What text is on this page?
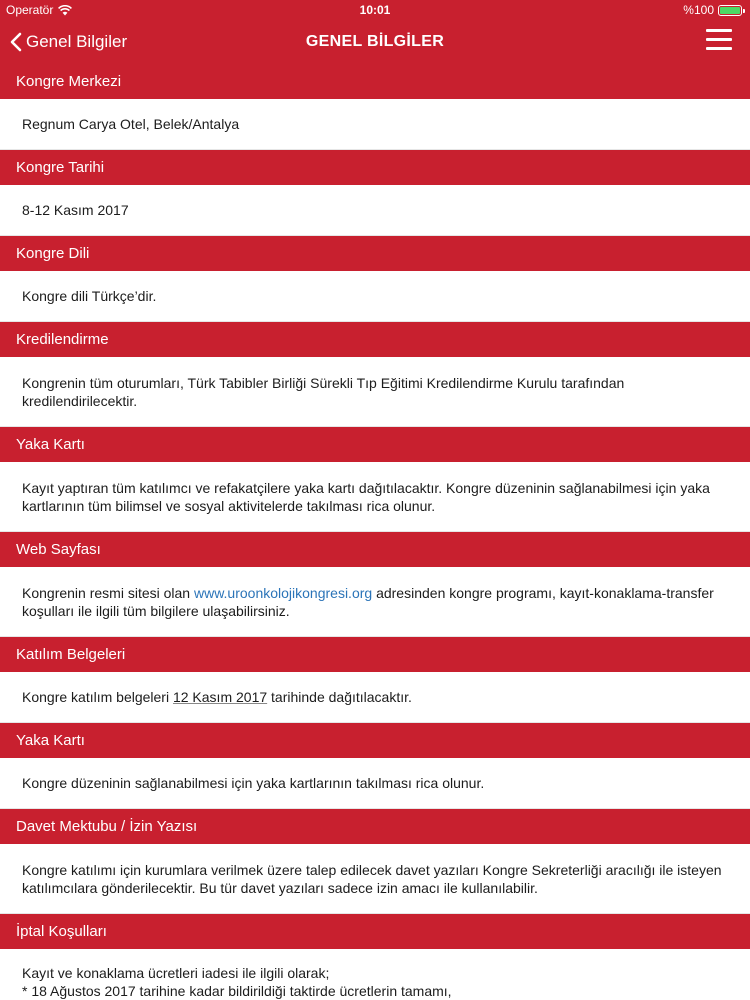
Operatör	10:01	%100
Genel Bilgiler	GENEL BİLGİLER
Kongre Merkezi

Regnum Carya Otel, Belek/Antalya

Kongre Tarihi

8-12 Kasım 2017

Kongre Dili

Kongre dili Türkçe’dir.

Kredilendirme

Kongrenin tüm oturumları, Türk Tabibler Birliği Sürekli Tıp Eğitimi Kredilendirme Kurulu tarafından kredilendirilecektir.

Yaka Kartı

Kayıt yaptıran tüm katılımcı ve refakatçilere yaka kartı dağıtılacaktır. Kongre düzeninin sağlanabilmesi için yaka kartlarının tüm bilimsel ve sosyal aktivitelerde takılması rica olunur.

Web Sayfası

Kongrenin resmi sitesi olan www.uroonkolojikongresi.org adresinden kongre programı, kayıt-konaklama-transfer koşulları ile ilgili tüm bilgilere ulaşabilirsiniz.

Katılım Belgeleri

Kongre katılım belgeleri 12 Kasım 2017 tarihinde dağıtılacaktır.

Yaka Kartı

Kongre düzeninin sağlanabilmesi için yaka kartlarının takılması rica olunur.

Davet Mektubu / İzin Yazısı

Kongre katılımı için kurumlara verilmek üzere talep edilecek davet yazıları Kongre Sekreterliği aracılığı ile isteyen katılımcılara gönderilecektir. Bu tür davet yazıları sadece izin amacı ile kullanılabilir.

İptal Koşulları

Kayıt ve konaklama ücretleri iadesi ile ilgili olarak;
* 18 Ağustos 2017 tarihine kadar bildirildiği taktirde ücretlerin tamamı,
